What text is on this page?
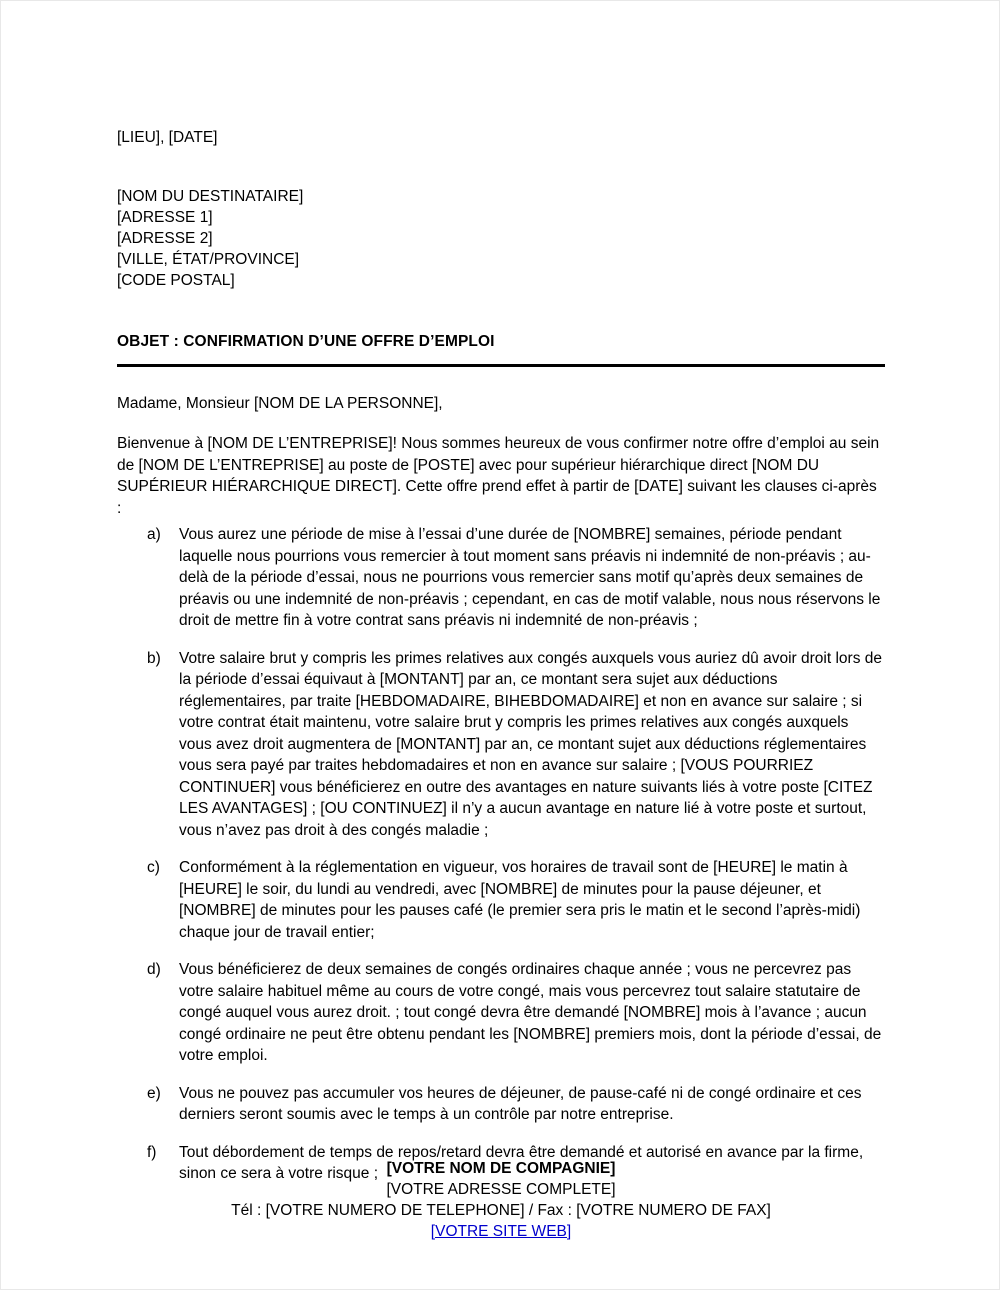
[LIEU], [DATE]
[NOM DU DESTINATAIRE]
[ADRESSE 1]
[ADRESSE 2]
[VILLE, ÉTAT/PROVINCE]
[CODE POSTAL]
OBJET : CONFIRMATION D’UNE OFFRE D’EMPLOI
Madame, Monsieur [NOM DE LA PERSONNE],
Bienvenue à [NOM DE L’ENTREPRISE]! Nous sommes heureux de vous confirmer notre offre d’emploi au sein de [NOM DE L’ENTREPRISE] au poste de [POSTE] avec pour supérieur hiérarchique direct [NOM DU SUPÉRIEUR HIÉRARCHIQUE DIRECT]. Cette offre prend effet à partir de [DATE] suivant les clauses ci-après :
a)	Vous aurez une période de mise à l’essai d’une durée de [NOMBRE] semaines, période pendant laquelle nous pourrions vous remercier à tout moment sans préavis ni indemnité de non-préavis ; au-delà de la période d’essai, nous ne pourrions vous remercier sans motif qu’après deux semaines de préavis ou une indemnité de non-préavis ; cependant, en cas de motif valable, nous nous réservons le droit de mettre fin à votre contrat sans préavis ni indemnité de non-préavis ;
b)	Votre salaire brut y compris les primes relatives aux congés auxquels vous auriez dû avoir droit lors de la période d’essai équivaut à [MONTANT] par an, ce montant sera sujet aux déductions réglementaires, par traite [HEBDOMADAIRE, BIHEBDOMADAIRE] et non en avance sur salaire ; si votre contrat était maintenu, votre salaire brut y compris les primes relatives aux congés auxquels vous avez droit augmentera de [MONTANT] par an, ce montant sujet aux déductions réglementaires vous sera payé par traites hebdomadaires et non en avance sur salaire ; [VOUS POURRIEZ CONTINUER] vous bénéficierez en outre des avantages en nature suivants liés à votre poste [CITEZ LES AVANTAGES] ; [OU CONTINUEZ] il n’y a aucun avantage en nature lié à votre poste et surtout, vous n’avez pas droit à des congés maladie ;
c)	Conformément à la réglementation en vigueur, vos horaires de travail sont de [HEURE] le matin à [HEURE] le soir, du lundi au vendredi, avec [NOMBRE] de minutes pour la pause déjeuner, et [NOMBRE] de minutes pour les pauses café (le premier sera pris le matin et le second l’après-midi) chaque jour de travail entier;
d)	Vous bénéficierez de deux semaines de congés ordinaires chaque année ; vous ne percevrez pas votre salaire habituel même au cours de votre congé, mais vous percevrez tout salaire statutaire de congé auquel vous aurez droit. ; tout congé devra être demandé [NOMBRE] mois à l’avance ; aucun congé ordinaire ne peut être obtenu pendant les [NOMBRE] premiers mois, dont la période d’essai, de votre emploi.
e)	Vous ne pouvez pas accumuler vos heures de déjeuner, de pause-café ni de congé ordinaire et ces derniers seront soumis avec le temps à un contrôle par notre entreprise.
f)	Tout débordement de temps de repos/retard devra être demandé et autorisé en avance par la firme, sinon ce sera à votre risque ; [VOTRE NOM DE COMPAGNIE]
[VOTRE ADRESSE COMPLETE]
Tél : [VOTRE NUMERO DE TELEPHONE] / Fax : [VOTRE NUMERO DE FAX]
[VOTRE SITE WEB]
